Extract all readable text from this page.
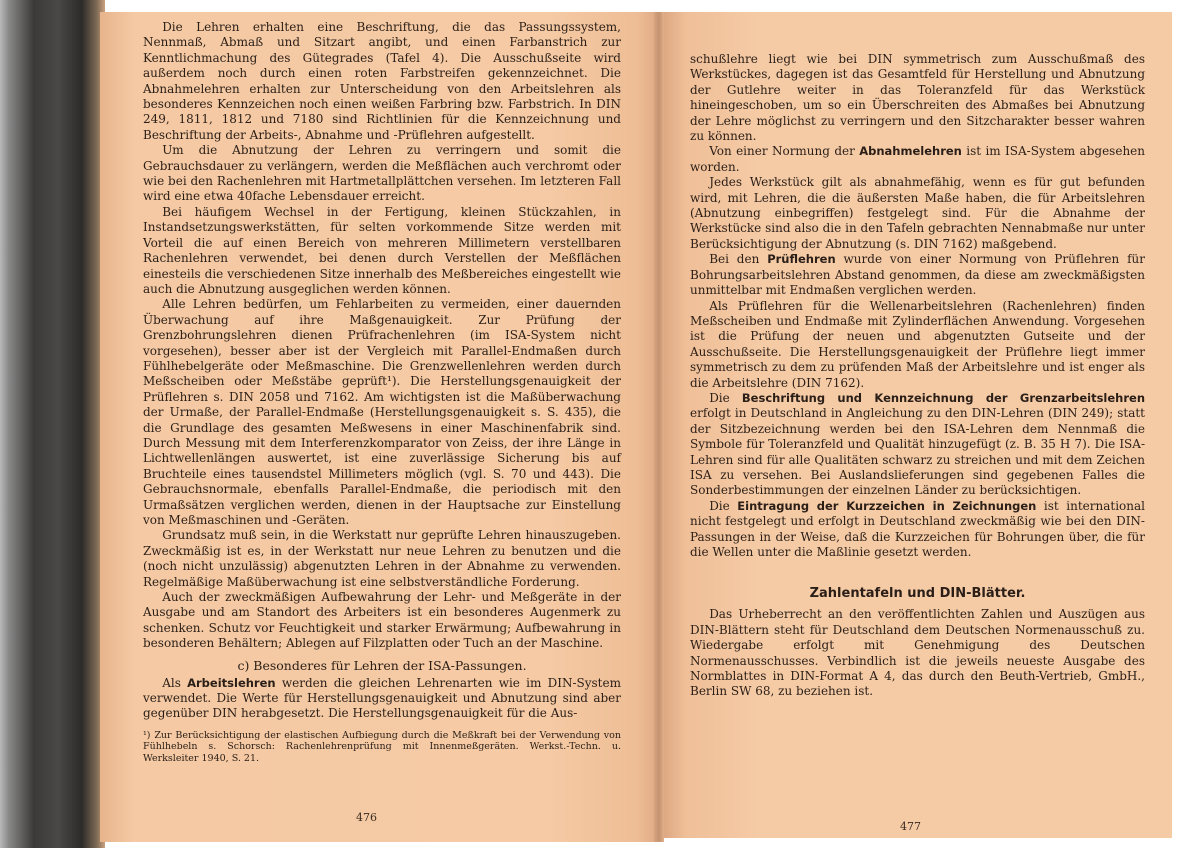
Die Lehren erhalten eine Beschriftung, die das Passungssystem, Nennmaß, Abmaß und Sitzart angibt, und einen Farbanstrich zur Kenntlichmachung des Gütegrades (Tafel 4). Die Ausschußseite wird außerdem noch durch einen roten Farbstreifen gekennzeichnet. Die Abnahmelehren erhalten zur Unterscheidung von den Arbeitslehren als besonderes Kennzeichen noch einen weißen Farbring bzw. Farbstrich. In DIN 249, 1811, 1812 und 7180 sind Richtlinien für die Kennzeichnung und Beschriftung der Arbeits-, Abnahme und -Prüflehren aufgestellt.

Um die Abnutzung der Lehren zu verringern und somit die Gebrauchsdauer zu verlängern, werden die Meßflächen auch verchromt oder wie bei den Rachenlehren mit Hartmetallplättchen versehen. Im letzteren Fall wird eine etwa 40fache Lebensdauer erreicht.

Bei häufigem Wechsel in der Fertigung, kleinen Stückzahlen, in Instandsetzungswerkstätten, für selten vorkommende Sitze werden mit Vorteil die auf einen Bereich von mehreren Millimetern verstellbaren Rachenlehren verwendet, bei denen durch Verstellen der Meßflächen einesteils die verschiedenen Sitze innerhalb des Meßbereiches eingestellt wie auch die Abnutzung ausgeglichen werden können.

Alle Lehren bedürfen, um Fehlarbeiten zu vermeiden, einer dauernden Überwachung auf ihre Maßgenauigkeit. Zur Prüfung der Grenzbohrungslehren dienen Prüfrachenlehren (im ISA-System nicht vorgesehen), besser aber ist der Vergleich mit Parallel-Endmaßen durch Fühlhebelgeräte oder Meßmaschine. Die Grenzwellenlehren werden durch Meßscheiben oder Meßstäbe geprüft¹). Die Herstellungsgenauigkeit der Prüflehren s. DIN 2058 und 7162. Am wichtigsten ist die Maßüberwachung der Urmaße, der Parallel-Endmaße (Herstellungsgenauigkeit s. S. 435), die die Grundlage des gesamten Meßwesens in einer Maschinenfabrik sind. Durch Messung mit dem Interferenzkomparator von Zeiss, der ihre Länge in Lichtwellenlängen auswertet, ist eine zuverlässige Sicherung bis auf Bruchteile eines tausendstel Millimeters möglich (vgl. S. 70 und 443). Die Gebrauchsnormale, ebenfalls Parallel-Endmaße, die periodisch mit den Urmaßsätzen verglichen werden, dienen in der Hauptsache zur Einstellung von Meßmaschinen und -Geräten.

Grundsatz muß sein, in die Werkstatt nur geprüfte Lehren hinauszugeben. Zweckmäßig ist es, in der Werkstatt nur neue Lehren zu benutzen und die (noch nicht unzulässig) abgenutzten Lehren in der Abnahme zu verwenden. Regelmäßige Maßüberwachung ist eine selbstverständliche Forderung.

Auch der zweckmäßigen Aufbewahrung der Lehr- und Meßgeräte in der Ausgabe und am Standort des Arbeiters ist ein besonderes Augenmerk zu schenken. Schutz vor Feuchtigkeit und starker Erwärmung; Aufbewahrung in besonderen Behältern; Ablegen auf Filzplatten oder Tuch an der Maschine.

c) Besonderes für Lehren der ISA-Passungen.

Als Arbeitslehren werden die gleichen Lehrenarten wie im DIN-System verwendet. Die Werte für Herstellungsgenauigkeit und Abnutzung sind aber gegenüber DIN herabgesetzt. Die Herstellungsgenauigkeit für die Aus-

¹) Zur Berücksichtigung der elastischen Aufbiegung durch die Meßkraft bei der Verwendung von Fühlhebeln s. Schorsch: Rachenlehrenprüfung mit Innenmeßgeräten. Werkst.-Techn. u. Werksleiter 1940, S. 21.
476

schußlehre liegt wie bei DIN symmetrisch zum Ausschußmaß des Werkstückes, dagegen ist das Gesamtfeld für Herstellung und Abnutzung der Gutlehre weiter in das Toleranzfeld für das Werkstück hineingeschoben, um so ein Überschreiten des Abmaßes bei Abnutzung der Lehre möglichst zu verringern und den Sitzcharakter besser wahren zu können.

Von einer Normung der Abnahmelehren ist im ISA-System abgesehen worden.

Jedes Werkstück gilt als abnahmefähig, wenn es für gut befunden wird, mit Lehren, die die äußersten Maße haben, die für Arbeitslehren (Abnutzung einbegriffen) festgelegt sind. Für die Abnahme der Werkstücke sind also die in den Tafeln gebrachten Nennabmaße nur unter Berücksichtigung der Abnutzung (s. DIN 7162) maßgebend.

Bei den Prüflehren wurde von einer Normung von Prüflehren für Bohrungsarbeitslehren Abstand genommen, da diese am zweckmäßigsten unmittelbar mit Endmaßen verglichen werden.

Als Prüflehren für die Wellenarbeitslehren (Rachenlehren) finden Meßscheiben und Endmaße mit Zylinderflächen Anwendung. Vorgesehen ist die Prüfung der neuen und abgenutzten Gutseite und der Ausschußseite. Die Herstellungsgenauigkeit der Prüflehre liegt immer symmetrisch zu dem zu prüfenden Maß der Arbeitslehre und ist enger als die Arbeitslehre (DIN 7162).

Die Beschriftung und Kennzeichnung der Grenzarbeitslehren erfolgt in Deutschland in Angleichung zu den DIN-Lehren (DIN 249); statt der Sitzbezeichnung werden bei den ISA-Lehren dem Nennmaß die Symbole für Toleranzfeld und Qualität hinzugefügt (z. B. 35 H 7). Die ISA-Lehren sind für alle Qualitäten schwarz zu streichen und mit dem Zeichen ISA zu versehen. Bei Auslandslieferungen sind gegebenen Falles die Sonderbestimmungen der einzelnen Länder zu berücksichtigen.

Die Eintragung der Kurzzeichen in Zeichnungen ist international nicht festgelegt und erfolgt in Deutschland zweckmäßig wie bei den DIN-Passungen in der Weise, daß die Kurzzeichen für Bohrungen über, die für die Wellen unter die Maßlinie gesetzt werden.

Zahlentafeln und DIN-Blätter.

Das Urheberrecht an den veröffentlichten Zahlen und Auszügen aus DIN-Blättern steht für Deutschland dem Deutschen Normenausschuß zu. Wiedergabe erfolgt mit Genehmigung des Deutschen Normenausschusses. Verbindlich ist die jeweils neueste Ausgabe des Normblattes in DIN-Format A 4, das durch den Beuth-Vertrieb, GmbH., Berlin SW 68, zu beziehen ist.

477
